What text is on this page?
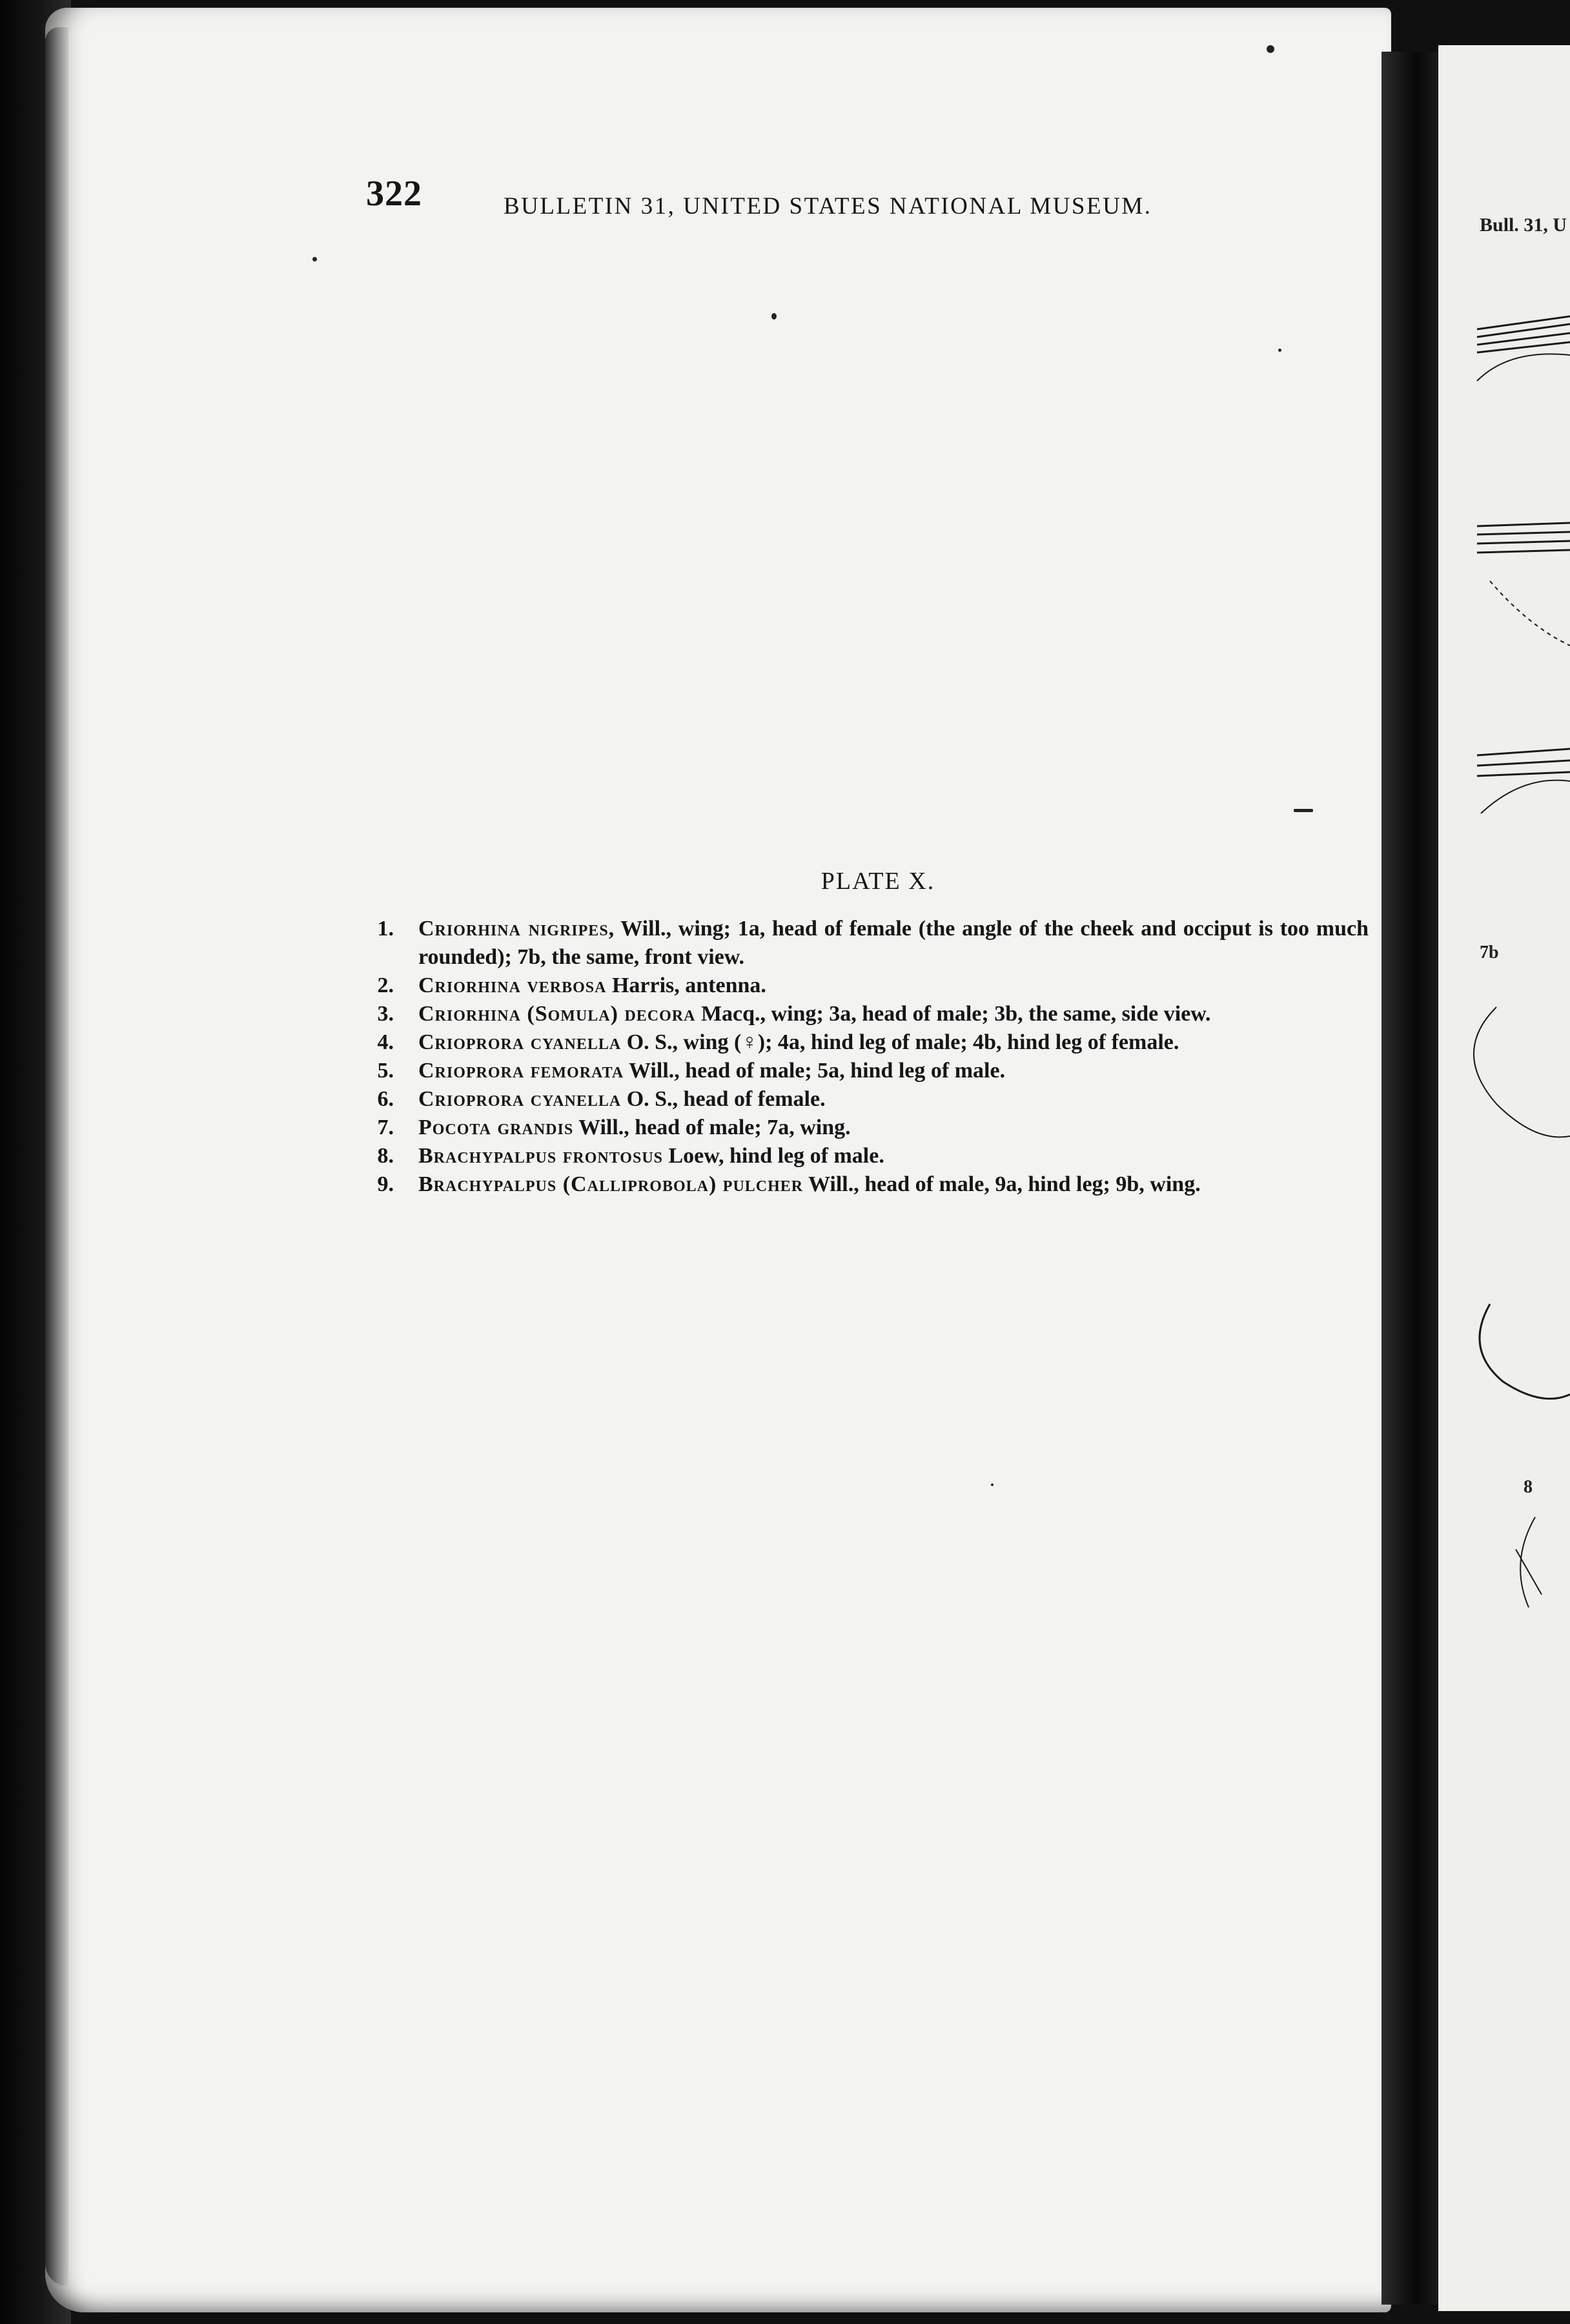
Bull. 31, U
7b
8
322	BULLETIN 31, UNITED STATES NATIONAL MUSEUM.
PLATE X.
1. Criorhina nigripes, Will., wing; 1a, head of female (the angle of the cheek and occiput is too much rounded); 7b, the same, front view.
2. Criorhina verbosa Harris, antenna.
3. Criorhina (Somula) decora Macq., wing; 3a, head of male; 3b, the same, side view.
4. Crioprora cyanella O. S., wing (♀); 4a, hind leg of male; 4b, hind leg of female.
5. Crioprora femorata Will., head of male; 5a, hind leg of male.
6. Crioprora cyanella O. S., head of female.
7. Pocota grandis Will., head of male; 7a, wing.
8. Brachypalpus frontosus Loew, hind leg of male.
9. Brachypalpus (Calliprobola) pulcher Will., head of male, 9a, hind leg; 9b, wing.
